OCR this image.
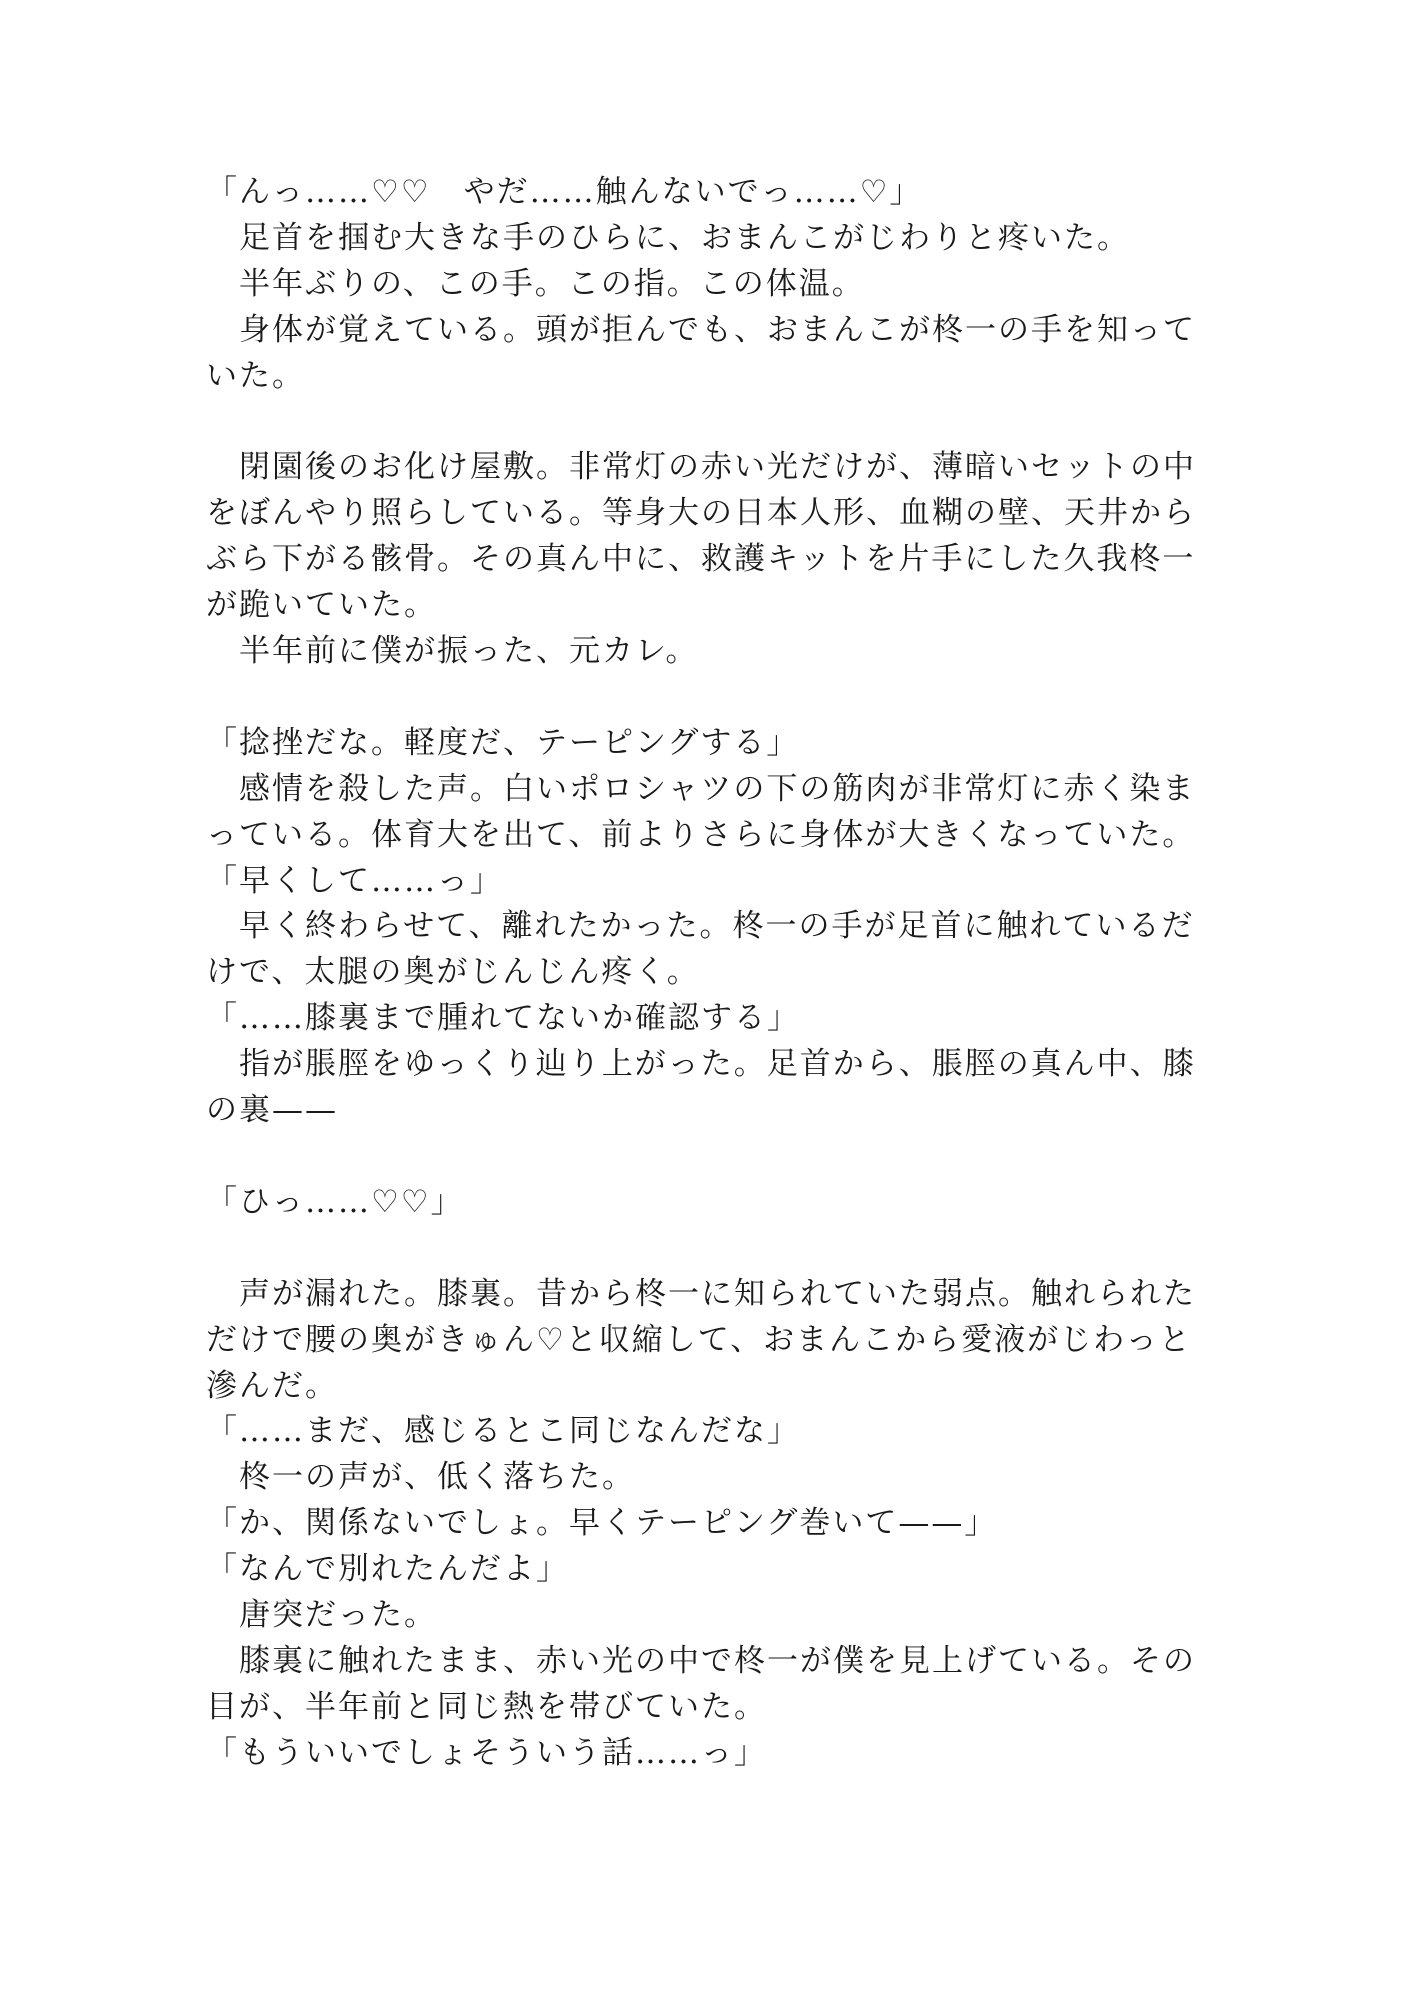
「んっ……♡♡　やだ……触んないでっ……♡」
　足首を掴む大きな手のひらに、おまんこがじわりと疼いた。
　半年ぶりの、この手。この指。この体温。
　身体が覚えている。頭が拒んでも、おまんこが柊一の手を知って
いた。
　閉園後のお化け屋敷。非常灯の赤い光だけが、薄暗いセットの中
をぼんやり照らしている。等身大の日本人形、血糊の壁、天井から
ぶら下がる骸骨。その真ん中に、救護キットを片手にした久我柊一
が跪いていた。
　半年前に僕が振った、元カレ。
「捻挫だな。軽度だ、テーピングする」
　感情を殺した声。白いポロシャツの下の筋肉が非常灯に赤く染ま
っている。体育大を出て、前よりさらに身体が大きくなっていた。
「早くして……っ」
　早く終わらせて、離れたかった。柊一の手が足首に触れているだ
けで、太腿の奥がじんじん疼く。
「……膝裏まで腫れてないか確認する」
　指が脹脛をゆっくり辿り上がった。足首から、脹脛の真ん中、膝
の裏——
「ひっ……♡♡」
　声が漏れた。膝裏。昔から柊一に知られていた弱点。触れられた
だけで腰の奥がきゅん♡と収縮して、おまんこから愛液がじわっと
滲んだ。
「……まだ、感じるとこ同じなんだな」
　柊一の声が、低く落ちた。
「か、関係ないでしょ。早くテーピング巻いて——」
「なんで別れたんだよ」
　唐突だった。
　膝裏に触れたまま、赤い光の中で柊一が僕を見上げている。その
目が、半年前と同じ熱を帯びていた。
「もういいでしょそういう話……っ」
